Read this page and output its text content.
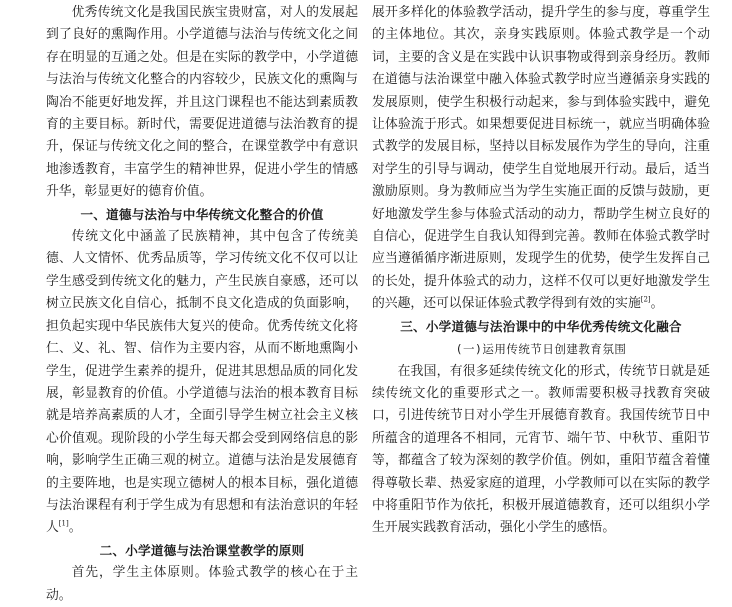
优秀传统文化是我国民族宝贵财富，对人的发展起到了良好的熏陶作用。小学道德与法治与传统文化之间存在明显的互通之处。但是在实际的教学中，小学道德与法治与传统文化整合的内容较少，民族文化的熏陶与陶冶不能更好地发挥，并且这门课程也不能达到素质教育的主要目标。新时代，需要促进道德与法治教育的提升，保证与传统文化之间的整合，在课堂教学中有意识地渗透教育，丰富学生的精神世界，促进小学生的情感升华，彰显更好的德育价值。

一、道德与法治与中华传统文化整合的价值

传统文化中涵盖了民族精神，其中包含了传统美德、人文情怀、优秀品质等，学习传统文化不仅可以让学生感受到传统文化的魅力，产生民族自豪感，还可以树立民族文化自信心，抵制不良文化造成的负面影响，担负起实现中华民族伟大复兴的使命。优秀传统文化将仁、义、礼、智、信作为主要内容，从而不断地熏陶小学生，促进学生素养的提升，促进其思想品质的同化发展，彰显教育的价值。小学道德与法治的根本教育目标就是培养高素质的人才，全面引导学生树立社会主义核心价值观。现阶段的小学生每天都会受到网络信息的影响，影响学生正确三观的树立。道德与法治是发展德育的主要阵地，也是实现立德树人的根本目标，强化道德与法治课程有利于学生成为有思想和有法治意识的年轻人[1]。

二、小学道德与法治课堂教学的原则

首先，学生主体原则。体验式教学的核心在于主动。

展开多样化的体验教学活动，提升学生的参与度，尊重学生的主体地位。其次，亲身实践原则。体验式教学是一个动词，主要的含义是在实践中认识事物或得到亲身经历。教师在道德与法治课堂中融入体验式教学时应当遵循亲身实践的发展原则，使学生积极行动起来，参与到体验实践中，避免让体验流于形式。如果想要促进目标统一，就应当明确体验式教学的发展目标，坚持以目标发展作为学生的导向，注重对学生的引导与调动，使学生自觉地展开行动。最后，适当激励原则。身为教师应当为学生实施正面的反馈与鼓励，更好地激发学生参与体验式活动的动力，帮助学生树立良好的自信心，促进学生自我认知得到完善。教师在体验式教学时应当遵循循序渐进原则，发现学生的优势，使学生发挥自己的长处，提升体验式的动力，这样不仅可以更好地激发学生的兴趣，还可以保证体验式教学得到有效的实施[2]。

三、小学道德与法治课中的中华优秀传统文化融合
(一)运用传统节日创建教育氛围

在我国，有很多延续传统文化的形式，传统节日就是延续传统文化的重要形式之一。教师需要积极寻找教育突破口，引进传统节日对小学生开展德育教育。我国传统节日中所蕴含的道理各不相同，元宵节、端午节、中秋节、重阳节等，都蕴含了较为深刻的教学价值。例如，重阳节蕴含着懂得尊敬长辈、热爱家庭的道理，小学教师可以在实际的教学中将重阳节作为依托，积极开展道德教育，还可以组织小学生开展实践教育活动，强化小学生的感悟。
